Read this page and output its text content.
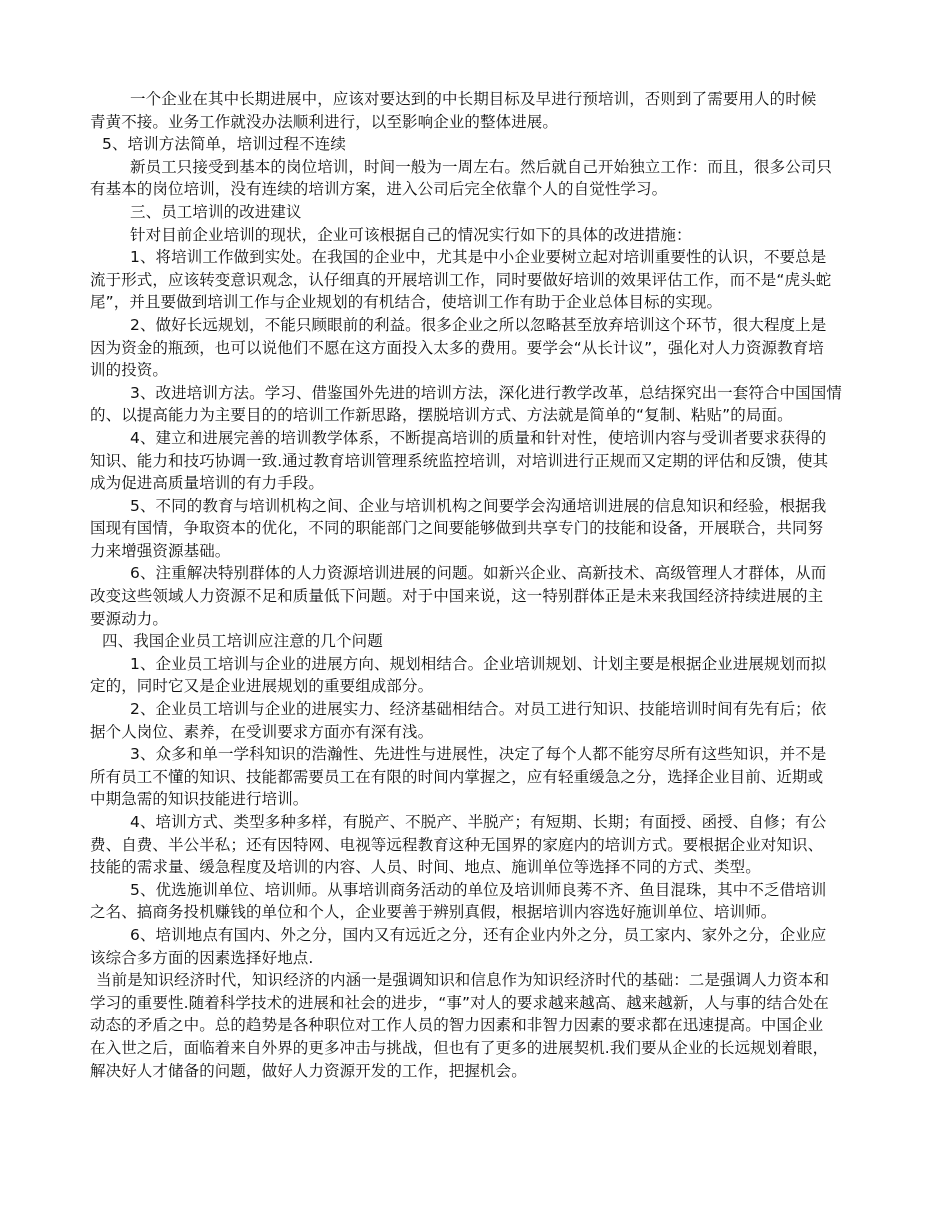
一个企业在其中长期进展中，应该对要达到的中长期目标及早进行预培训，否则到了需要用人的时候
青黄不接。业务工作就没办法顺利进行，以至影响企业的整体进展。
5、培训方法简单，培训过程不连续
新员工只接受到基本的岗位培训，时间一般为一周左右。然后就自己开始独立工作：而且，很多公司只
有基本的岗位培训，没有连续的培训方案，进入公司后完全依靠个人的自觉性学习。
三、员工培训的改进建议
针对目前企业培训的现状，企业可该根据自己的情况实行如下的具体的改进措施：
1、将培训工作做到实处。在我国的企业中，尤其是中小企业要树立起对培训重要性的认识，不要总是
流于形式，应该转变意识观念，认仔细真的开展培训工作，同时要做好培训的效果评估工作，而不是“虎头蛇
尾”，并且要做到培训工作与企业规划的有机结合，使培训工作有助于企业总体目标的实现。
2、做好长远规划，不能只顾眼前的利益。很多企业之所以忽略甚至放弃培训这个环节，很大程度上是
因为资金的瓶颈，也可以说他们不愿在这方面投入太多的费用。要学会“从长计议”，强化对人力资源教育培
训的投资。
3、改进培训方法。学习、借鉴国外先进的培训方法，深化进行教学改革，总结探究出一套符合中国国情
的、以提高能力为主要目的的培训工作新思路，摆脱培训方式、方法就是简单的“复制、粘贴”的局面。
4、建立和进展完善的培训教学体系，不断提高培训的质量和针对性，使培训内容与受训者要求获得的
知识、能力和技巧协调一致.通过教育培训管理系统监控培训，对培训进行正规而又定期的评估和反馈，使其
成为促进高质量培训的有力手段。
5、不同的教育与培训机构之间、企业与培训机构之间要学会沟通培训进展的信息知识和经验，根据我
国现有国情，争取资本的优化，不同的职能部门之间要能够做到共享专门的技能和设备，开展联合，共同努
力来增强资源基础。
6、注重解决特别群体的人力资源培训进展的问题。如新兴企业、高新技术、高级管理人才群体，从而
改变这些领域人力资源不足和质量低下问题。对于中国来说，这一特别群体正是未来我国经济持续进展的主
要源动力。
四、我国企业员工培训应注意的几个问题
1、企业员工培训与企业的进展方向、规划相结合。企业培训规划、计划主要是根据企业进展规划而拟
定的，同时它又是企业进展规划的重要组成部分。
2、企业员工培训与企业的进展实力、经济基础相结合。对员工进行知识、技能培训时间有先有后；依
据个人岗位、素养，在受训要求方面亦有深有浅。
3、众多和单一学科知识的浩瀚性、先进性与进展性，决定了每个人都不能穷尽所有这些知识，并不是
所有员工不懂的知识、技能都需要员工在有限的时间内掌握之，应有轻重缓急之分，选择企业目前、近期或
中期急需的知识技能进行培训。
4、培训方式、类型多种多样，有脱产、不脱产、半脱产；有短期、长期；有面授、函授、自修；有公
费、自费、半公半私；还有因特网、电视等远程教育这种无国界的家庭内的培训方式。要根据企业对知识、
技能的需求量、缓急程度及培训的内容、人员、时间、地点、施训单位等选择不同的方式、类型。
5、优选施训单位、培训师。从事培训商务活动的单位及培训师良莠不齐、鱼目混珠，其中不乏借培训
之名、搞商务投机赚钱的单位和个人，企业要善于辨别真假，根据培训内容选好施训单位、培训师。
6、培训地点有国内、外之分，国内又有远近之分，还有企业内外之分，员工家内、家外之分，企业应
该综合多方面的因素选择好地点.
当前是知识经济时代，知识经济的内涵一是强调知识和信息作为知识经济时代的基础：二是强调人力资本和
学习的重要性.随着科学技术的进展和社会的进步，“事”对人的要求越来越高、越来越新，人与事的结合处在
动态的矛盾之中。总的趋势是各种职位对工作人员的智力因素和非智力因素的要求都在迅速提高。中国企业
在入世之后，面临着来自外界的更多冲击与挑战，但也有了更多的进展契机.我们要从企业的长远规划着眼，
解决好人才储备的问题，做好人力资源开发的工作，把握机会。
